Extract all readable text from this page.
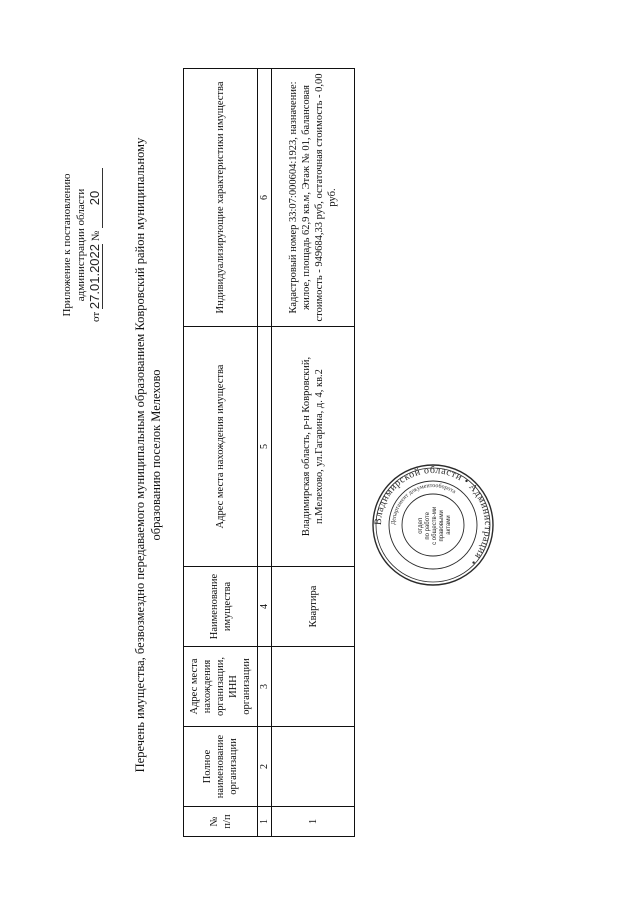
Приложение к постановлению администрации области
от 27.01.2022 № 20 Перечень имущества, безвозмездно передаваемого муниципальным образованием Ковровский район муниципальному образованию поселок Мелехово
№ п/п	Полное наименование организации	Адрес места нахождения организации, ИНН организации	Наименование имущества	Адрес места нахождения имущества	Индивидуализирующие характеристики имущества
1	2	3	4	5	6
1			Квартира	Владимирская область, р-н Ковровский, п.Мелехово, ул.Гагарина, д. 4, кв.2	Кадастровый номер 33:07:000604:1923, назначение: жилое, площадь 62,9 кв.м, Этаж № 01, балансовая стоимость - 949684,33 руб, остаточная стоимость - 0,00 руб.
Владимирской области • Администрация •
Департамент документооборота
отдел по работе с обществ-ми правовыми актами
